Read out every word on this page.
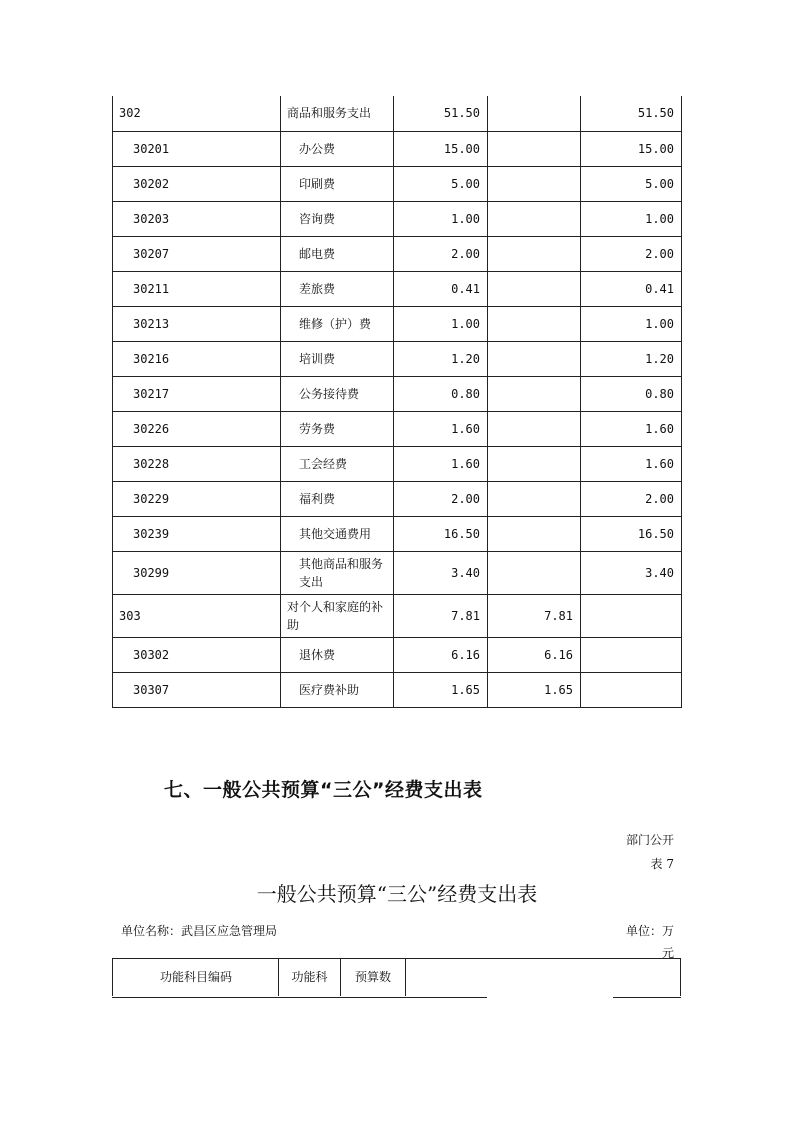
302	商品和服务支出	51.50		51.50
30201	办公费	15.00		15.00
30202	印刷费	5.00		5.00
30203	咨询费	1.00		1.00
30207	邮电费	2.00		2.00
30211	差旅费	0.41		0.41
30213	维修（护）费	1.00		1.00
30216	培训费	1.20		1.20
30217	公务接待费	0.80		0.80
30226	劳务费	1.60		1.60
30228	工会经费	1.60		1.60
30229	福利费	2.00		2.00
30239	其他交通费用	16.50		16.50
30299	其他商品和服务支出	3.40		3.40
303	对个人和家庭的补助	7.81	7.81	
30302	退休费	6.16	6.16	
30307	医疗费补助	1.65	1.65	
七、一般公共预算“三公”经费支出表
部门公开
表 7
一般公共预算“三公”经费支出表
单位名称：武昌区应急管理局	单位：万
元
功能科目编码	功能科	预算数
